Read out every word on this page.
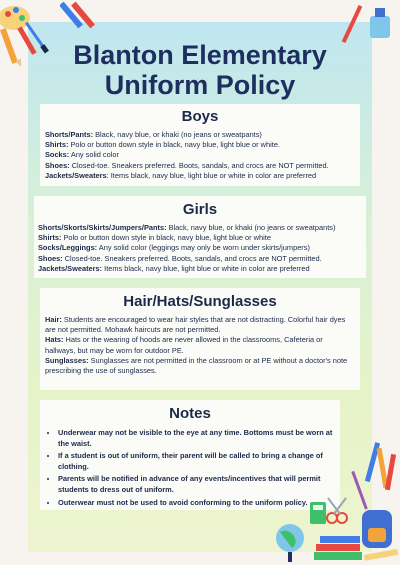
Blanton Elementary
Uniform Policy
Boys

Shorts/Pants: Black, navy blue, or khaki (no jeans or sweatpants)

Shirts: Polo or button down style in black, navy blue, light blue or white.

Socks: Any solid color

Shoes: Closed-toe. Sneakers preferred. Boots, sandals, and crocs are NOT permitted.

Jackets/Sweaters: Items black, navy blue, light blue or white in color are preferred

Girls

Shorts/Skorts/Skirts/Jumpers/Pants: Black, navy blue, or khaki (no jeans or sweatpants)

Shirts: Polo or button down style in black, navy blue, light blue or white

Socks/Leggings: Any solid color (leggings may only be worn under skirts/jumpers)

Shoes: Closed-toe. Sneakers preferred. Boots, sandals, and crocs are NOT permitted.

Jackets/Sweaters: Items black, navy blue, light blue or white in color are preferred

Hair/Hats/Sunglasses

Hair: Students are encouraged to wear hair styles that are not distracting. Colorful hair dyes are not permitted. Mohawk haircuts are not permitted.

Hats: Hats or the wearing of hoods are never allowed in the classrooms, Cafeteria or hallways, but may be worn for outdoor PE.

Sunglasses: Sunglasses are not permitted in the classroom or at PE without a doctor's note prescribing the use of sunglasses.

Notes
• Underwear may not be visible to the eye at any time. Bottoms must be worn at the waist.
• If a student is out of uniform, their parent will be called to bring a change of clothing.
• Parents will be notified in advance of any events/incentives that will permit students to dress out of uniform.
• Outerwear must not be used to avoid conforming to the uniform policy.
